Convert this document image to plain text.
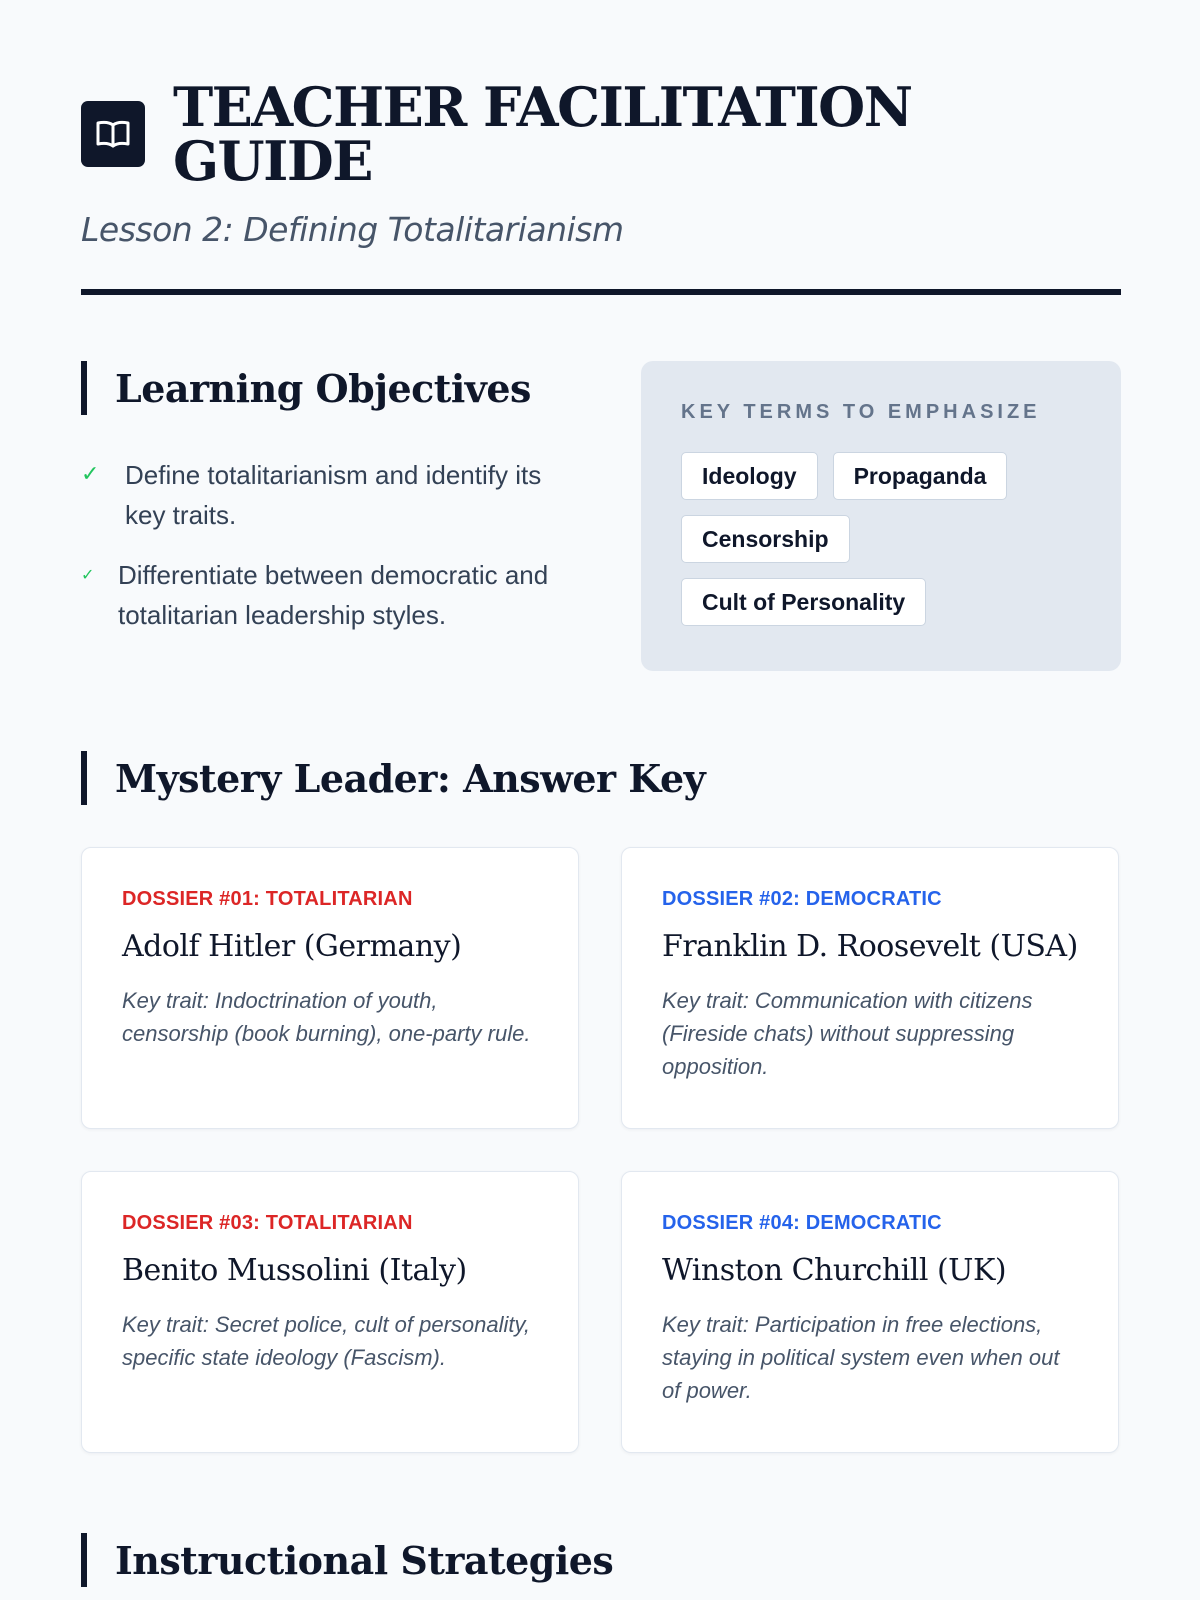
TEACHER FACILITATION GUIDE
Lesson 2: Defining Totalitarianism
Learning Objectives
✓ Define totalitarianism and identify its key traits.
✓ Differentiate between democratic and totalitarian leadership styles.
KEY TERMS TO EMPHASIZE
Ideology	Propaganda
Censorship
Cult of Personality
Mystery Leader: Answer Key
DOSSIER #01: TOTALITARIAN
Adolf Hitler (Germany)
Key trait: Indoctrination of youth, censorship (book burning), one-party rule.
DOSSIER #02: DEMOCRATIC
Franklin D. Roosevelt (USA)
Key trait: Communication with citizens (Fireside chats) without suppressing opposition.
DOSSIER #03: TOTALITARIAN
Benito Mussolini (Italy)
Key trait: Secret police, cult of personality, specific state ideology (Fascism).
DOSSIER #04: DEMOCRATIC
Winston Churchill (UK)
Key trait: Participation in free elections, staying in political system even when out of power.
Instructional Strategies
